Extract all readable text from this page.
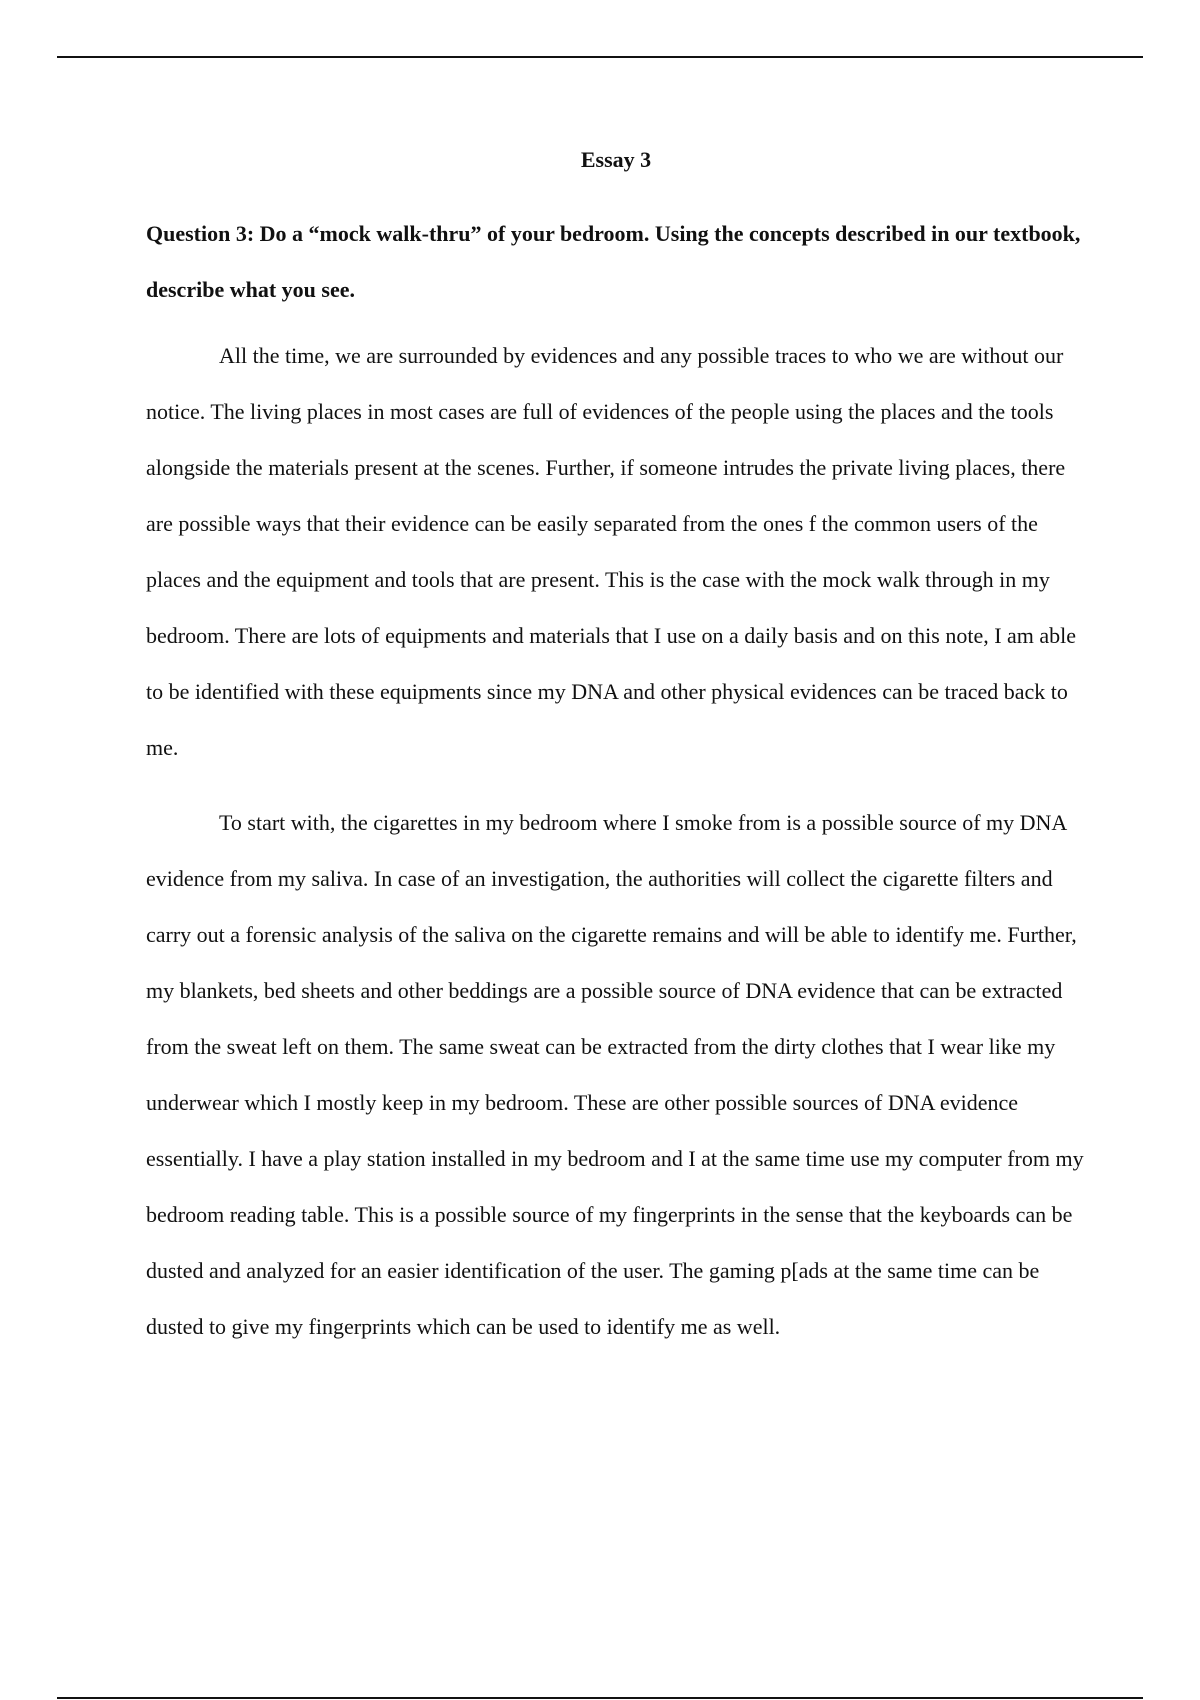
Essay 3

Question 3: Do a “mock walk-thru” of your bedroom. Using the concepts described in our textbook, describe what you see.

All the time, we are surrounded by evidences and any possible traces to who we are without our notice. The living places in most cases are full of evidences of the people using the places and the tools alongside the materials present at the scenes. Further, if someone intrudes the private living places, there are possible ways that their evidence can be easily separated from the ones f the common users of the places and the equipment and tools that are present. This is the case with the mock walk through in my bedroom. There are lots of equipments and materials that I use on a daily basis and on this note, I am able to be identified with these equipments since my DNA and other physical evidences can be traced back to me.

To start with, the cigarettes in my bedroom where I smoke from is a possible source of my DNA evidence from my saliva. In case of an investigation, the authorities will collect the cigarette filters and carry out a forensic analysis of the saliva on the cigarette remains and will be able to identify me. Further, my blankets, bed sheets and other beddings are a possible source of DNA evidence that can be extracted from the sweat left on them. The same sweat can be extracted from the dirty clothes that I wear like my underwear which I mostly keep in my bedroom. These are other possible sources of DNA evidence essentially. I have a play station installed in my bedroom and I at the same time use my computer from my bedroom reading table. This is a possible source of my fingerprints in the sense that the keyboards can be dusted and analyzed for an easier identification of the user. The gaming p[ads at the same time can be dusted to give my fingerprints which can be used to identify me as well.
